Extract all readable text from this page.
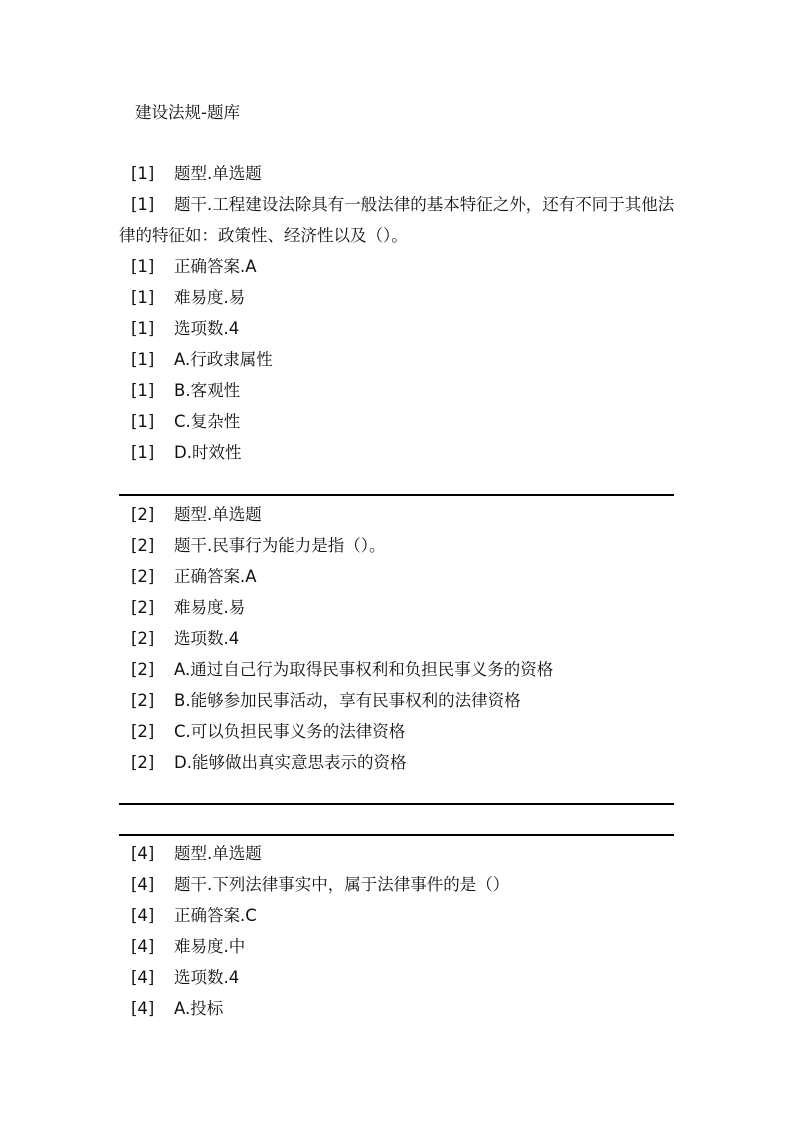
建设法规-题库
[1] 题型.单选题
[1]	题干.工程建设法除具有一般法律的基本特征之外，还有不同于其他法律的特征如：政策性、经济性以及（）。
[1] 正确答案.A
[1] 难易度.易
[1] 选项数.4
[1] A.行政隶属性
[1] B.客观性
[1] C.复杂性
[1] D.时效性
[2] 题型.单选题
[2] 题干.民事行为能力是指（）。
[2] 正确答案.A
[2] 难易度.易
[2] 选项数.4
[2] A.通过自己行为取得民事权利和负担民事义务的资格
[2] B.能够参加民事活动，享有民事权利的法律资格
[2] C.可以负担民事义务的法律资格
[2] D.能够做出真实意思表示的资格
[4] 题型.单选题
[4] 题干.下列法律事实中，属于法律事件的是（）
[4] 正确答案.C
[4] 难易度.中
[4] 选项数.4
[4] A.投标
